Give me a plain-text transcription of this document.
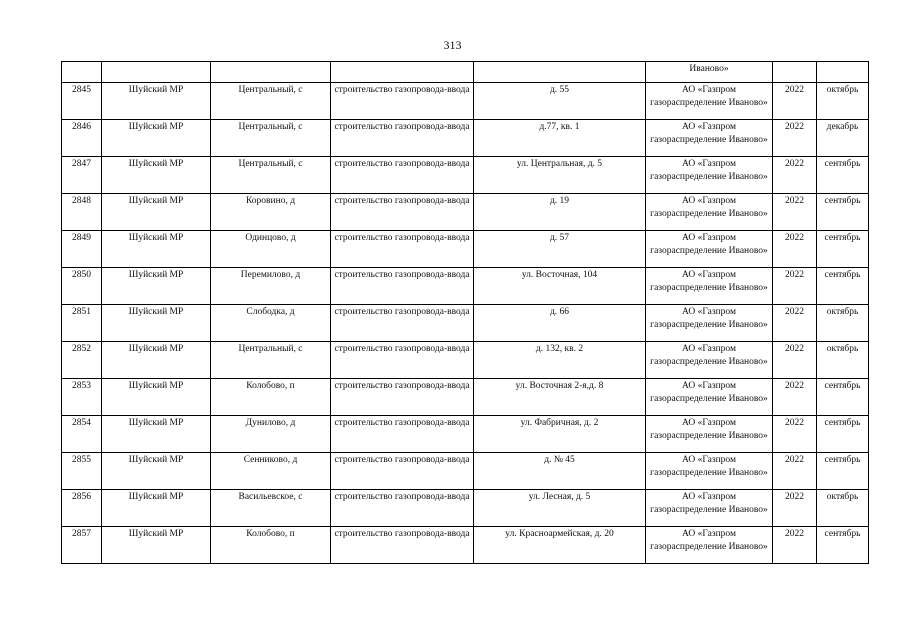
313
					Иваново»		
2845	Шуйский МР	Центральный, с	строительство газопровода-ввода	д. 55	АО «Газпром газораспределение Иваново»	2022	октябрь
2846	Шуйский МР	Центральный, с	строительство газопровода-ввода	д.77, кв. 1	АО «Газпром газораспределение Иваново»	2022	декабрь
2847	Шуйский МР	Центральный, с	строительство газопровода-ввода	ул. Центральная, д. 5	АО «Газпром газораспределение Иваново»	2022	сентябрь
2848	Шуйский МР	Коровино, д	строительство газопровода-ввода	д. 19	АО «Газпром газораспределение Иваново»	2022	сентябрь
2849	Шуйский МР	Одинцово, д	строительство газопровода-ввода	д. 57	АО «Газпром газораспределение Иваново»	2022	сентябрь
2850	Шуйский МР	Перемилово, д	строительство газопровода-ввода	ул. Восточная, 104	АО «Газпром газораспределение Иваново»	2022	сентябрь
2851	Шуйский МР	Слободка, д	строительство газопровода-ввода	д. 66	АО «Газпром газораспределение Иваново»	2022	октябрь
2852	Шуйский МР	Центральный, с	строительство газопровода-ввода	д. 132, кв. 2	АО «Газпром газораспределение Иваново»	2022	октябрь
2853	Шуйский МР	Колобово, п	строительство газопровода-ввода	ул. Восточная 2-я,д. 8	АО «Газпром газораспределение Иваново»	2022	сентябрь
2854	Шуйский МР	Дунилово, д	строительство газопровода-ввода	ул. Фабричная, д. 2	АО «Газпром газораспределение Иваново»	2022	сентябрь
2855	Шуйский МР	Сенниково, д	строительство газопровода-ввода	д. № 45	АО «Газпром газораспределение Иваново»	2022	сентябрь
2856	Шуйский МР	Васильевское, с	строительство газопровода-ввода	ул. Лесная, д. 5	АО «Газпром газораспределение Иваново»	2022	октябрь
2857	Шуйский МР	Колобово, п	строительство газопровода-ввода	ул. Красноармейская, д. 20	АО «Газпром газораспределение Иваново»	2022	сентябрь
